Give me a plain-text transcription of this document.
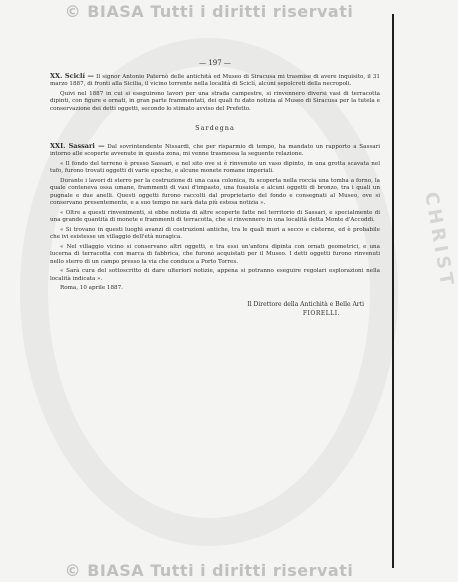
© BIASA Tutti i diritti riservati
CHRIST
— 197 —

XX. Sciclí — Il signor Antonio Paternò delle antichità ed Museo di Siracusa mi trasmise di avere inquisito, il 31 marzo 1887, di fronti alla Sicilia, il vicino torrente nella località di Sciclí, alcuni sepolcreti della necropoli.

Quivi nel 1887 in cui si eseguirono lavori per una strada campestre, si rinvennero diversi vasi di terracotta dipinti, con figure e ornati, in gran parte frammentati, dei quali fu dato notizia al Museo di Siracusa per la tutela e conservazione dei detti oggetti, secondo lo stimato avviso del Prefetto.

Sardegna

XXI. Sassari — Dal sovrintendente Nissardi, che per risparmio di tempo, ha mandato un rapporto a Sassari intorno alle scoperte avvenute in questa zona, mi venne trasmessa la seguente relazione.

« Il fondo del terreno è presso Sassari, e nel sito ove si è rinvenuto un vaso dipinto, in una grotta scavata nel tufo, furono trovati oggetti di varie epoche, e alcune monete romane imperiali.

Durante i lavori di sterro per la costruzione di una casa colonica, fu scoperta nella roccia una tomba a forno, la quale conteneva ossa umane, frammenti di vasi d'impasto, una fusaiola e alcuni oggetti di bronzo, tra i quali un pugnale e due anelli. Questi oggetti furono raccolti dal proprietario del fondo e consegnati al Museo, ove si conservano presentemente, e a suo tempo ne sarà data più estesa notizia ».

« Oltre a questi rinvenimenti, si ebbe notizia di altre scoperte fatte nel territorio di Sassari, e specialmente di una grande quantità di monete e frammenti di terracotta, che si rinvennero in una località detta Monte d'Accoddi.

« Si trovano in questi luoghi avanzi di costruzioni antiche, tra le quali muri a secco e cisterne, ed è probabile che ivi esistesse un villaggio dell'età nuragica.

« Nel villaggio vicino si conservano altri oggetti, e tra essi un'anfora dipinta con ornati geometrici, e una lucerna di terracotta con marca di fabbrica, che furono acquistati per il Museo. I detti oggetti furono rinvenuti nello sterro di un campo presso la via che conduce a Porto Torres.

« Sarà cura del sottoscritto di dare ulteriori notizie, appena si potranno eseguire regolari esplorazioni nella località indicata ».

Roma, 10 aprile 1887.

Il Direttore della Antichità e Belle Arti
FIORELLI.
© BIASA Tutti i diritti riservati
